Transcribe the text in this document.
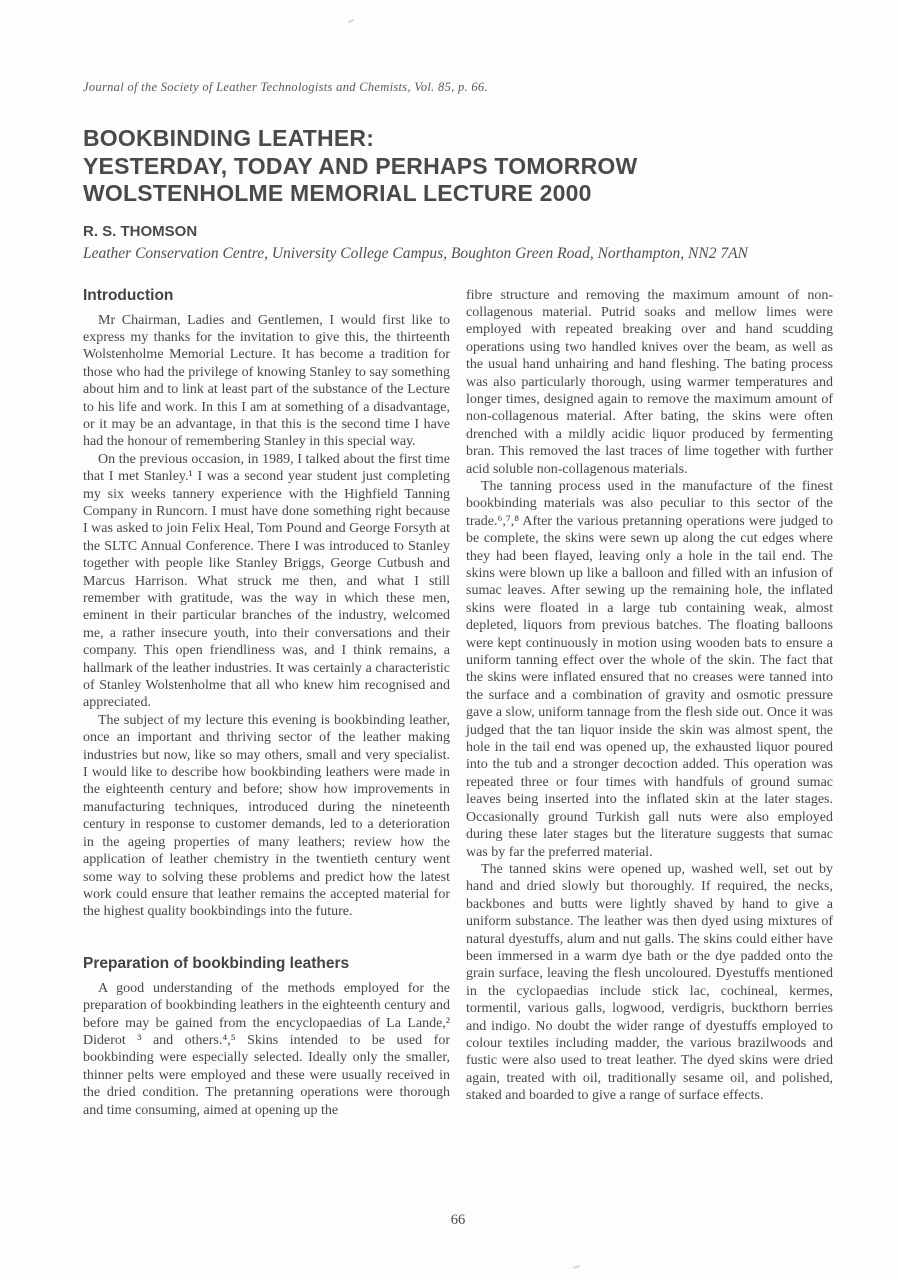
Journal of the Society of Leather Technologists and Chemists, Vol. 85, p. 66.
BOOKBINDING LEATHER:
YESTERDAY, TODAY AND PERHAPS TOMORROW
WOLSTENHOLME MEMORIAL LECTURE 2000
R. S. THOMSON
Leather Conservation Centre, University College Campus, Boughton Green Road, Northampton, NN2 7AN
Introduction

Mr Chairman, Ladies and Gentlemen, I would first like to express my thanks for the invitation to give this, the thirteenth Wolstenholme Memorial Lecture. It has become a tradition for those who had the privilege of knowing Stanley to say something about him and to link at least part of the substance of the Lecture to his life and work. In this I am at something of a disadvantage, or it may be an advantage, in that this is the second time I have had the honour of remembering Stanley in this special way.

On the previous occasion, in 1989, I talked about the first time that I met Stanley.¹ I was a second year student just completing my six weeks tannery experience with the Highfield Tanning Company in Runcorn. I must have done something right because I was asked to join Felix Heal, Tom Pound and George Forsyth at the SLTC Annual Conference. There I was introduced to Stanley together with people like Stanley Briggs, George Cutbush and Marcus Harrison. What struck me then, and what I still remember with gratitude, was the way in which these men, eminent in their particular branches of the industry, welcomed me, a rather insecure youth, into their conversations and their company. This open friendliness was, and I think remains, a hallmark of the leather industries. It was certainly a characteristic of Stanley Wolstenholme that all who knew him recognised and appreciated.

The subject of my lecture this evening is bookbinding leather, once an important and thriving sector of the leather making industries but now, like so may others, small and very specialist. I would like to describe how bookbinding leathers were made in the eighteenth century and before; show how improvements in manufacturing techniques, introduced during the nineteenth century in response to customer demands, led to a deterioration in the ageing properties of many leathers; review how the application of leather chemistry in the twentieth century went some way to solving these problems and predict how the latest work could ensure that leather remains the accepted material for the highest quality bookbindings into the future.

Preparation of bookbinding leathers

A good understanding of the methods employed for the preparation of bookbinding leathers in the eighteenth century and before may be gained from the encyclopaedias of La Lande,² Diderot ³ and others.⁴,⁵ Skins intended to be used for bookbinding were especially selected. Ideally only the smaller, thinner pelts were employed and these were usually received in the dried condition. The pretanning operations were thorough and time consuming, aimed at opening up the

fibre structure and removing the maximum amount of non-collagenous material. Putrid soaks and mellow limes were employed with repeated breaking over and hand scudding operations using two handled knives over the beam, as well as the usual hand unhairing and hand fleshing. The bating process was also particularly thorough, using warmer temperatures and longer times, designed again to remove the maximum amount of non-collagenous material. After bating, the skins were often drenched with a mildly acidic liquor produced by fermenting bran. This removed the last traces of lime together with further acid soluble non-collagenous materials.

The tanning process used in the manufacture of the finest bookbinding materials was also peculiar to this sector of the trade.⁶,⁷,⁸ After the various pretanning operations were judged to be complete, the skins were sewn up along the cut edges where they had been flayed, leaving only a hole in the tail end. The skins were blown up like a balloon and filled with an infusion of sumac leaves. After sewing up the remaining hole, the inflated skins were floated in a large tub containing weak, almost depleted, liquors from previous batches. The floating balloons were kept continuously in motion using wooden bats to ensure a uniform tanning effect over the whole of the skin. The fact that the skins were inflated ensured that no creases were tanned into the surface and a combination of gravity and osmotic pressure gave a slow, uniform tannage from the flesh side out. Once it was judged that the tan liquor inside the skin was almost spent, the hole in the tail end was opened up, the exhausted liquor poured into the tub and a stronger decoction added. This operation was repeated three or four times with handfuls of ground sumac leaves being inserted into the inflated skin at the later stages. Occasionally ground Turkish gall nuts were also employed during these later stages but the literature suggests that sumac was by far the preferred material.

The tanned skins were opened up, washed well, set out by hand and dried slowly but thoroughly. If required, the necks, backbones and butts were lightly shaved by hand to give a uniform substance. The leather was then dyed using mixtures of natural dyestuffs, alum and nut galls. The skins could either have been immersed in a warm dye bath or the dye padded onto the grain surface, leaving the flesh uncoloured. Dyestuffs mentioned in the cyclopaedias include stick lac, cochineal, kermes, tormentil, various galls, logwood, verdigris, buckthorn berries and indigo. No doubt the wider range of dyestuffs employed to colour textiles including madder, the various brazilwoods and fustic were also used to treat leather. The dyed skins were dried again, treated with oil, traditionally sesame oil, and polished, staked and boarded to give a range of surface effects.

66
